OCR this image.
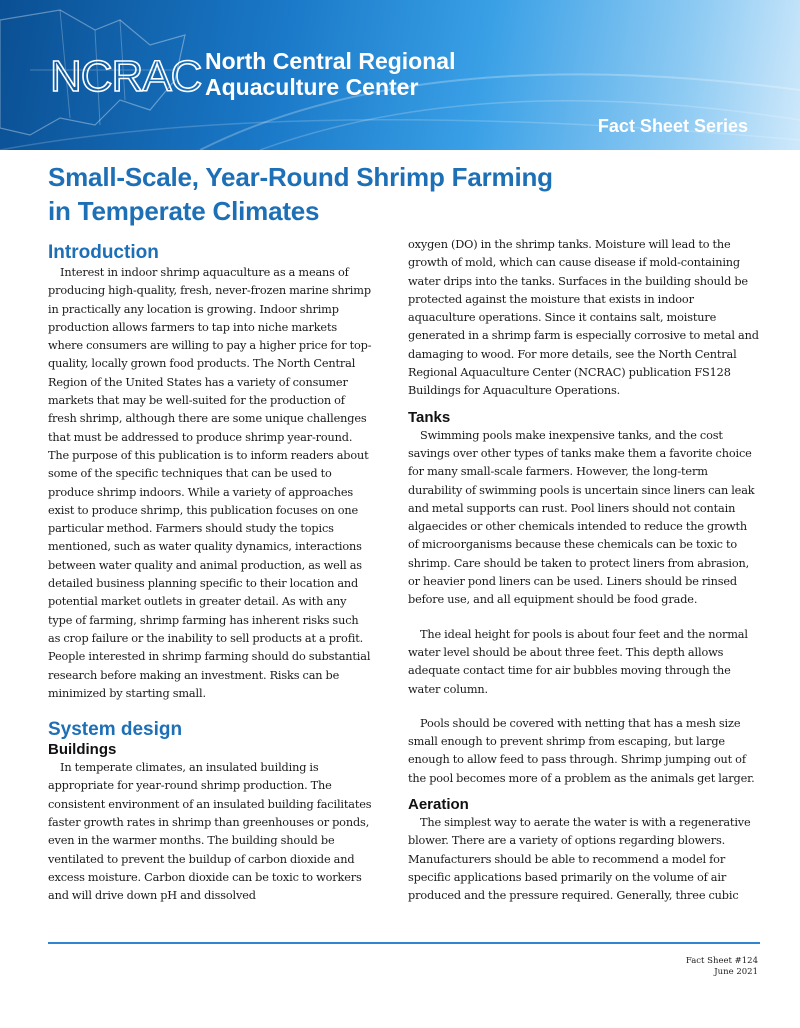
NCRAC North Central Regional
Aquaculture Center
Fact Sheet Series
Small-Scale, Year-Round Shrimp Farming
in Temperate Climates
Introduction

Interest in indoor shrimp aquaculture as a means of producing high-quality, fresh, never-frozen marine shrimp in practically any location is growing. Indoor shrimp production allows farmers to tap into niche markets where consumers are willing to pay a higher price for top-quality, locally grown food products. The North Central Region of the United States has a variety of consumer markets that may be well-suited for the production of fresh shrimp, although there are some unique challenges that must be addressed to produce shrimp year-round. The purpose of this publication is to inform readers about some of the specific techniques that can be used to produce shrimp indoors. While a variety of approaches exist to produce shrimp, this publication focuses on one particular method. Farmers should study the topics mentioned, such as water quality dynamics, interactions between water quality and animal production, as well as detailed business planning specific to their location and potential market outlets in greater detail. As with any type of farming, shrimp farming has inherent risks such as crop failure or the inability to sell products at a profit. People interested in shrimp farming should do substantial research before making an investment. Risks can be minimized by starting small.

System design
Buildings

In temperate climates, an insulated building is appropriate for year-round shrimp production. The consistent environment of an insulated building facilitates faster growth rates in shrimp than greenhouses or ponds, even in the warmer months. The building should be ventilated to prevent the buildup of carbon dioxide and excess moisture. Carbon dioxide can be toxic to workers and will drive down pH and dissolved

oxygen (DO) in the shrimp tanks. Moisture will lead to the growth of mold, which can cause disease if mold-containing water drips into the tanks. Surfaces in the building should be protected against the moisture that exists in indoor aquaculture operations. Since it contains salt, moisture generated in a shrimp farm is especially corrosive to metal and damaging to wood. For more details, see the North Central Regional Aquaculture Center (NCRAC) publication FS128 Buildings for Aquaculture Operations.

Tanks

Swimming pools make inexpensive tanks, and the cost savings over other types of tanks make them a favorite choice for many small-scale farmers. However, the long-term durability of swimming pools is uncertain since liners can leak and metal supports can rust. Pool liners should not contain algaecides or other chemicals intended to reduce the growth of microorganisms because these chemicals can be toxic to shrimp. Care should be taken to protect liners from abrasion, or heavier pond liners can be used. Liners should be rinsed before use, and all equipment should be food grade.

The ideal height for pools is about four feet and the normal water level should be about three feet. This depth allows adequate contact time for air bubbles moving through the water column.

Pools should be covered with netting that has a mesh size small enough to prevent shrimp from escaping, but large enough to allow feed to pass through. Shrimp jumping out of the pool becomes more of a problem as the animals get larger.

Aeration

The simplest way to aerate the water is with a regenerative blower. There are a variety of options regarding blowers. Manufacturers should be able to recommend a model for specific applications based primarily on the volume of air produced and the pressure required. Generally, three cubic

Fact Sheet #124
June 2021
